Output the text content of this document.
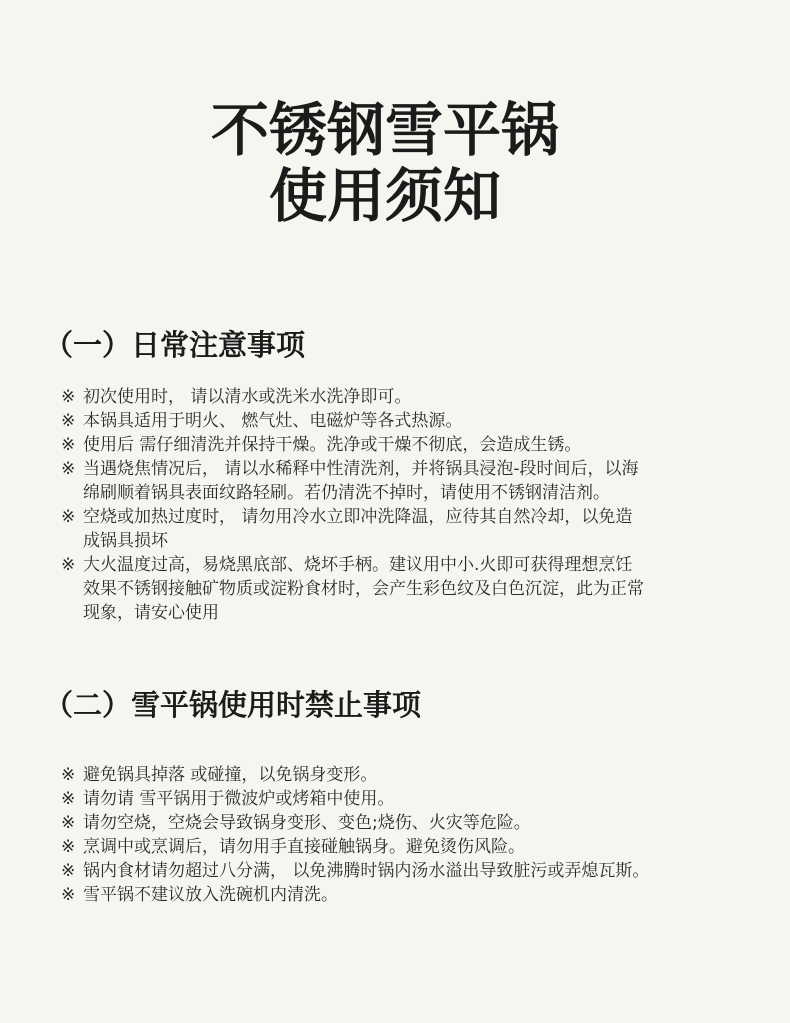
不锈钢雪平锅
使用须知
（一）日常注意事项
※ 初次使用时， 请以清水或洗米水洗净即可。
※ 本锅具适用于明火、 燃气灶、电磁炉等各式热源。
※ 使用后 需仔细清洗并保持干燥。洗净或干燥不彻底，会造成生锈。
※ 当遇烧焦情况后， 请以水稀释中性清洗剂，并将锅具浸泡-段时间后，以海
绵刷顺着锅具表面纹路轻刷。若仍清洗不掉时，请使用不锈钢清洁剂。
※ 空烧或加热过度时， 请勿用冷水立即冲洗降温，应待其自然冷却，以免造
成锅具损坏
※ 大火温度过高，易烧黑底部、烧坏手柄。建议用中小.火即可获得理想烹饪
效果不锈钢接触矿物质或淀粉食材时，会产生彩色纹及白色沉淀，此为正常
现象，请安心使用
（二）雪平锅使用时禁止事项
※ 避免锅具掉落 或碰撞，以免锅身变形。
※ 请勿请 雪平锅用于微波炉或烤箱中使用。
※ 请勿空烧，空烧会导致锅身变形、变色;烧伤、火灾等危险。
※ 烹调中或烹调后，请勿用手直接碰触锅身。避免烫伤风险。
※ 锅内食材请勿超过八分满， 以免沸腾时锅内汤水溢出导致脏污或弄熄瓦斯。
※ 雪平锅不建议放入洗碗机内清洗。
